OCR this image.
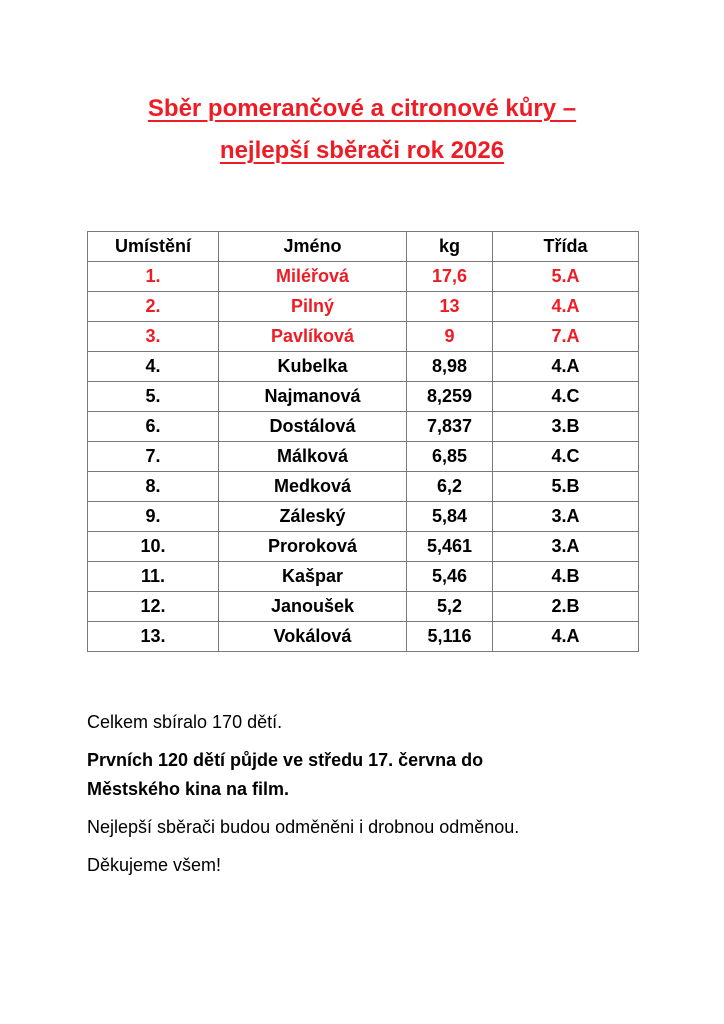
Sběr pomerančové a citronové kůry –
nejlepší sběrači rok 2026
Umístění	Jméno	kg	Třída
1.	Miléřová	17,6	5.A
2.	Pilný	13	4.A
3.	Pavlíková	9	7.A
4.	Kubelka	8,98	4.A
5.	Najmanová	8,259	4.C
6.	Dostálová	7,837	3.B
7.	Málková	6,85	4.C
8.	Medková	6,2	5.B
9.	Záleský	5,84	3.A
10.	Proroková	5,461	3.A
11.	Kašpar	5,46	4.B
12.	Janoušek	5,2	2.B
13.	Vokálová	5,116	4.A

Celkem sbíralo 170 dětí.

Prvních 120 dětí půjde ve středu 17. června do
Městského kina na film.

Nejlepší sběrači budou odměněni i drobnou odměnou.

Děkujeme všem!
